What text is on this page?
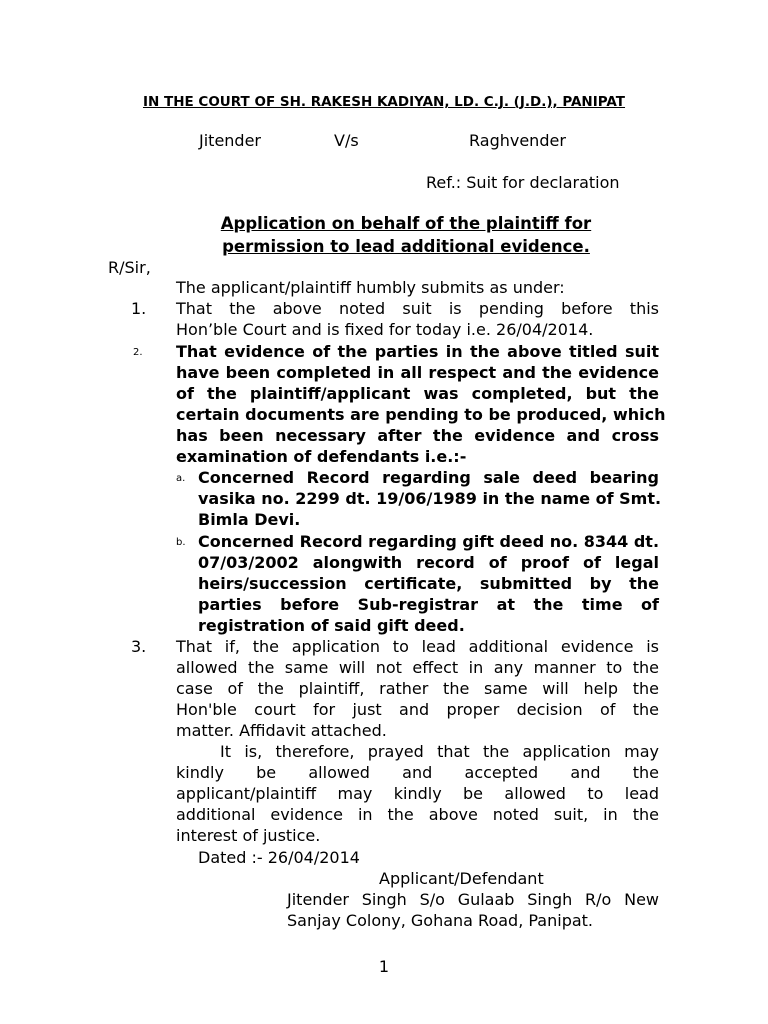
IN THE COURT OF SH. RAKESH KADIYAN, LD. C.J. (J.D.), PANIPAT
Jitender	V/s	Raghvender
Ref.: Suit for declaration
Application on behalf of the plaintiff for
permission to lead additional evidence.
R/Sir,
The applicant/plaintiff humbly submits as under:
1.	That the above noted suit is pending before this
Hon’ble Court and is fixed for today i.e. 26/04/2014.
2. That evidence of the parties in the above titled suit
have been completed in all respect and the evidence
of the plaintiff/applicant was completed, but the
certain documents are pending to be produced, which
has been necessary after the evidence and cross
examination of defendants i.e.:-
a. Concerned Record regarding sale deed bearing
vasika no. 2299 dt. 19/06/1989 in the name of Smt.
Bimla Devi.
b. Concerned Record regarding gift deed no. 8344 dt.
07/03/2002 alongwith record of proof of legal
heirs/succession certificate, submitted by the
parties before Sub-registrar at the time of
registration of said gift deed.
3.	That if, the application to lead additional evidence is
allowed the same will not effect in any manner to the
case of the plaintiff, rather the same will help the
Hon'ble court for just and proper decision of the
matter. Affidavit attached.
It is, therefore, prayed that the application may
kindly be allowed and accepted and the
applicant/plaintiff may kindly be allowed to lead
additional evidence in the above noted suit, in the
interest of justice.
Dated :- 26/04/2014
Applicant/Defendant
Jitender Singh S/o Gulaab Singh R/o New
Sanjay Colony, Gohana Road, Panipat.
1
